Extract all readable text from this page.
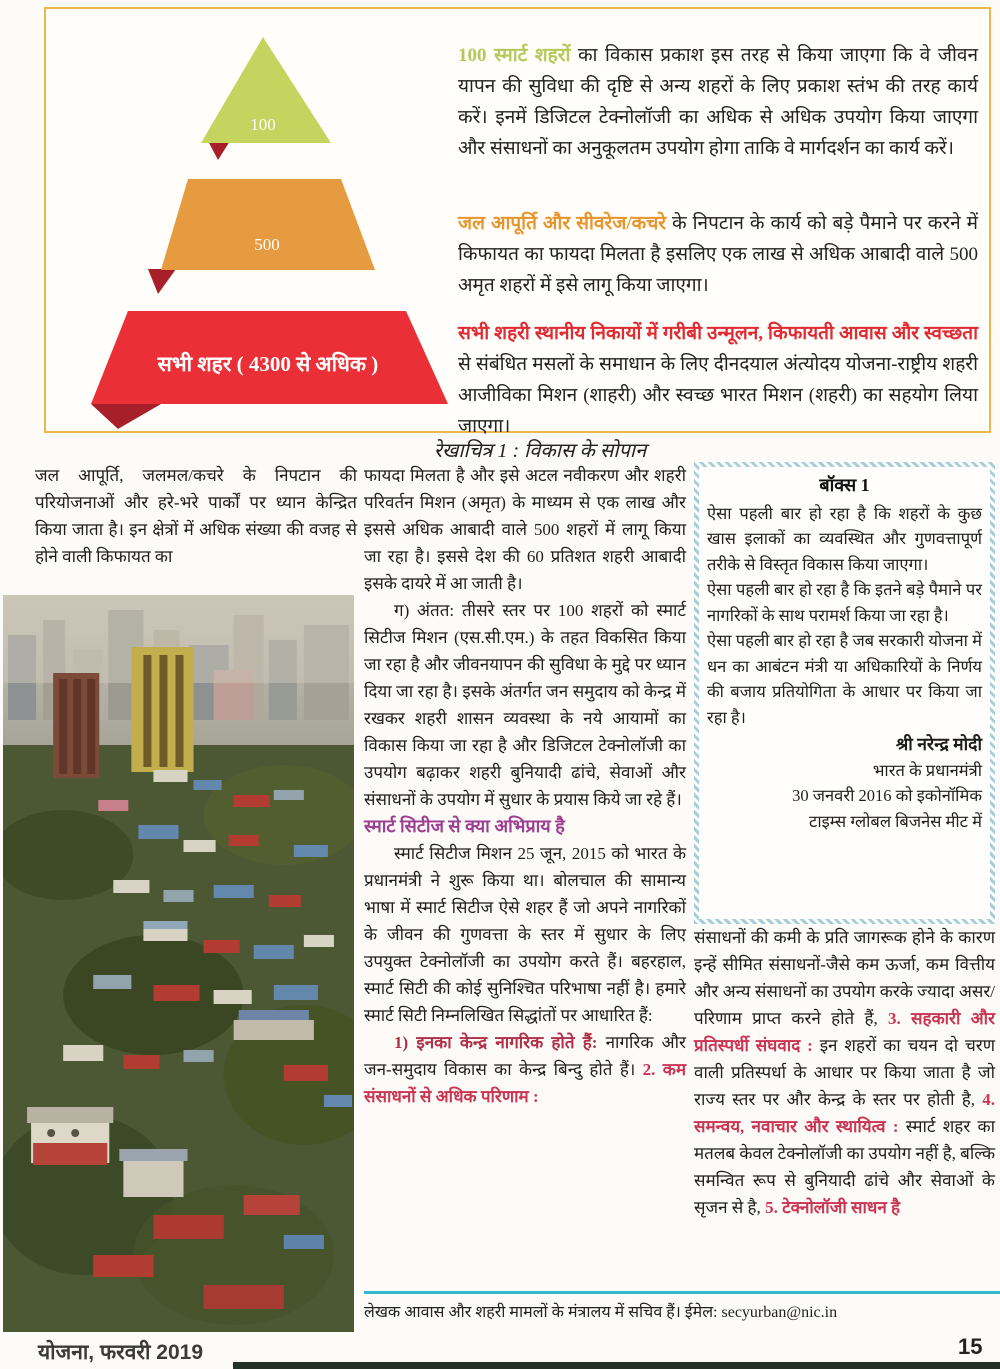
100
500
सभी शहर ( 4300 से अधिक )

100 स्मार्ट शहरों का विकास प्रकाश इस तरह से किया जाएगा कि वे जीवन यापन की सुविधा की दृष्टि से अन्य शहरों के लिए प्रकाश स्तंभ की तरह कार्य करें। इनमें डिजिटल टेक्नोलॉजी का अधिक से अधिक उपयोग किया जाएगा और संसाधनों का अनुकूलतम उपयोग होगा ताकि वे मार्गदर्शन का कार्य करें।

जल आपूर्ति और सीवरेज/कचरे के निपटान के कार्य को बड़े पैमाने पर करने में किफायत का फायदा मिलता है इसलिए एक लाख से अधिक आबादी वाले 500 अमृत शहरों में इसे लागू किया जाएगा।

सभी शहरी स्थानीय निकायों में गरीबी उन्मूलन, किफायती आवास और स्वच्छता से संबंधित मसलों के समाधान के लिए दीनदयाल अंत्योदय योजना-राष्ट्रीय शहरी आजीविका मिशन (शाहरी) और स्वच्छ भारत मिशन (शहरी) का सहयोग लिया जाएगा।

रेखाचित्र 1 : विकास के सोपान

जल आपूर्ति, जलमल/कचरे के निपटान की परियोजनाओं और हरे-भरे पार्कों पर ध्यान केन्द्रित किया जाता है। इन क्षेत्रों में अधिक संख्या की वजह से होने वाली किफायत का

फायदा मिलता है और इसे अटल नवीकरण और शहरी परिवर्तन मिशन (अमृत) के माध्यम से एक लाख और इससे अधिक आबादी वाले 500 शहरों में लागू किया जा रहा है। इससे देश की 60 प्रतिशत शहरी आबादी इसके दायरे में आ जाती है।

ग) अंतत: तीसरे स्तर पर 100 शहरों को स्मार्ट सिटीज मिशन (एस.सी.एम.) के तहत विकसित किया जा रहा है और जीवनयापन की सुविधा के मुद्दे पर ध्यान दिया जा रहा है। इसके अंतर्गत जन समुदाय को केन्द्र में रखकर शहरी शासन व्यवस्था के नये आयामों का विकास किया जा रहा है और डिजिटल टेक्नोलॉजी का उपयोग बढ़ाकर शहरी बुनियादी ढांचे, सेवाओं और संसाधनों के उपयोग में सुधार के प्रयास किये जा रहे हैं।

स्मार्ट सिटीज से क्या अभिप्राय है

स्मार्ट सिटीज मिशन 25 जून, 2015 को भारत के प्रधानमंत्री ने शुरू किया था। बोलचाल की सामान्य भाषा में स्मार्ट सिटीज ऐसे शहर हैं जो अपने नागरिकों के जीवन की गुणवत्ता के स्तर में सुधार के लिए उपयुक्त टेक्नोलॉजी का उपयोग करते हैं। बहरहाल, स्मार्ट सिटी की कोई सुनिश्चित परिभाषा नहीं है। हमारे स्मार्ट सिटी निम्नलिखित सिद्धांतों पर आधारित हैं:

1) इनका केन्द्र नागरिक होते हैं: नागरिक और जन-समुदाय विकास का केन्द्र बिन्दु होते हैं। 2. कम संसाधनों से अधिक परिणाम :

बॉक्स 1

ऐसा पहली बार हो रहा है कि शहरों के कुछ खास इलाकों का व्यवस्थित और गुणवत्तापूर्ण तरीके से विस्तृत विकास किया जाएगा।

ऐसा पहली बार हो रहा है कि इतने बड़े पैमाने पर नागरिकों के साथ परामर्श किया जा रहा है।

ऐसा पहली बार हो रहा है जब सरकारी योजना में धन का आबंटन मंत्री या अधिकारियों के निर्णय की बजाय प्रतियोगिता के आधार पर किया जा रहा है।

श्री नरेन्द्र मोदी
भारत के प्रधानमंत्री
30 जनवरी 2016 को इकोनॉमिक
टाइम्स ग्लोबल बिजनेस मीट में

संसाधनों की कमी के प्रति जागरूक होने के कारण इन्हें सीमित संसाधनों-जैसे कम ऊर्जा, कम वित्तीय और अन्य संसाधनों का उपयोग करके ज्यादा असर/परिणाम प्राप्त करने होते हैं, 3. सहकारी और प्रतिस्पर्धी संघवाद : इन शहरों का चयन दो चरण वाली प्रतिस्पर्धा के आधार पर किया जाता है जो राज्य स्तर पर और केन्द्र के स्तर पर होती है, 4. समन्वय, नवाचार और स्थायित्व : स्मार्ट शहर का मतलब केवल टेक्नोलॉजी का उपयोग नहीं है, बल्कि समन्वित रूप से बुनियादी ढांचे और सेवाओं के सृजन से है, 5. टेक्नोलॉजी साधन है

लेखक आवास और शहरी मामलों के मंत्रालय में सचिव हैं। ईमेल: secyurban@nic.in
योजना, फरवरी 2019	15
